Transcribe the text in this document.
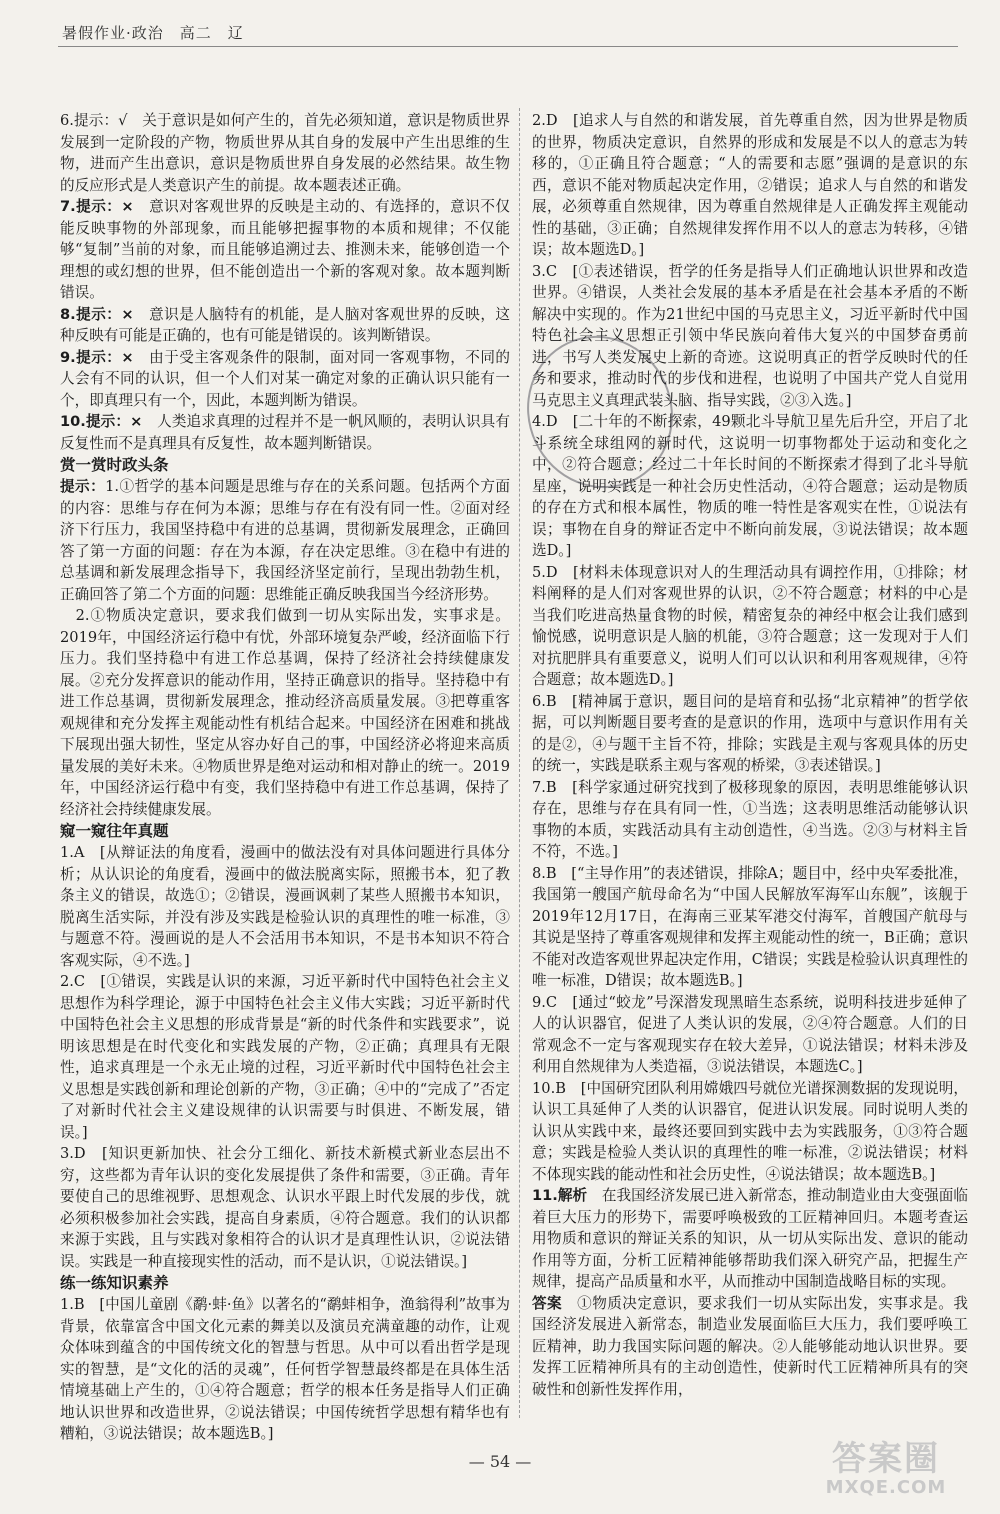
暑假作业·政治　高二　辽

6.提示：√　关于意识是如何产生的，首先必须知道，意识是物质世界发展到一定阶段的产物，物质世界从其自身的发展中产生出思维的生物，进而产生出意识，意识是物质世界自身发展的必然结果。故生物的反应形式是人类意识产生的前提。故本题表述正确。

7.提示：×　意识对客观世界的反映是主动的、有选择的，意识不仅能反映事物的外部现象，而且能够把握事物的本质和规律；不仅能够“复制”当前的对象，而且能够追溯过去、推测未来，能够创造一个理想的或幻想的世界，但不能创造出一个新的客观对象。故本题判断错误。

8.提示：×　意识是人脑特有的机能，是人脑对客观世界的反映，这种反映有可能是正确的，也有可能是错误的。该判断错误。

9.提示：×　由于受主客观条件的限制，面对同一客观事物，不同的人会有不同的认识，但一个人们对某一确定对象的正确认识只能有一个，即真理只有一个，因此，本题判断为错误。

10.提示：×　人类追求真理的过程并不是一帆风顺的，表明认识具有反复性而不是真理具有反复性，故本题判断错误。

赏一赏时政头条

提示：1.①哲学的基本问题是思维与存在的关系问题。包括两个方面的内容：思维与存在何为本源；思维与存在有没有同一性。②面对经济下行压力，我国坚持稳中有进的总基调，贯彻新发展理念，正确回答了第一方面的问题：存在为本源，存在决定思维。③在稳中有进的总基调和新发展理念指导下，我国经济坚定前行，呈现出勃勃生机，正确回答了第二个方面的问题：思维能正确反映我国当今经济形势。

　2.①物质决定意识，要求我们做到一切从实际出发，实事求是。2019年，中国经济运行稳中有忧，外部环境复杂严峻，经济面临下行压力。我们坚持稳中有进工作总基调，保持了经济社会持续健康发展。②充分发挥意识的能动作用，坚持正确意识的指导。坚持稳中有进工作总基调，贯彻新发展理念，推动经济高质量发展。③把尊重客观规律和充分发挥主观能动性有机结合起来。中国经济在困难和挑战下展现出强大韧性，坚定从容办好自己的事，中国经济必将迎来高质量发展的美好未来。④物质世界是绝对运动和相对静止的统一。2019年，中国经济运行稳中有变，我们坚持稳中有进工作总基调，保持了经济社会持续健康发展。

窥一窥往年真题

1.A　[从辩证法的角度看，漫画中的做法没有对具体问题进行具体分析；从认识论的角度看，漫画中的做法脱离实际，照搬书本，犯了教条主义的错误，故选①；②错误，漫画讽刺了某些人照搬书本知识，脱离生活实际，并没有涉及实践是检验认识的真理性的唯一标准，③与题意不符。漫画说的是人不会活用书本知识，不是书本知识不符合客观实际，④不选。]

2.C　[①错误，实践是认识的来源，习近平新时代中国特色社会主义思想作为科学理论，源于中国特色社会主义伟大实践；习近平新时代中国特色社会主义思想的形成背景是“新的时代条件和实践要求”，说明该思想是在时代变化和实践发展的产物，②正确；真理具有无限性，追求真理是一个永无止境的过程，习近平新时代中国特色社会主义思想是实践创新和理论创新的产物，③正确；④中的“完成了”否定了对新时代社会主义建设规律的认识需要与时俱进、不断发展，错误。]

3.D　[知识更新加快、社会分工细化、新技术新模式新业态层出不穷，这些都为青年认识的变化发展提供了条件和需要，③正确。青年要使自己的思维视野、思想观念、认识水平跟上时代发展的步伐，就必须积极参加社会实践，提高自身素质，④符合题意。我们的认识都来源于实践，且与实践对象相符合的认识才是真理性认识，②说法错误。实践是一种直接现实性的活动，而不是认识，①说法错误。]

练一练知识素养

1.B　[中国儿童剧《鹬·蚌·鱼》以著名的“鹬蚌相争，渔翁得利”故事为背景，依靠富含中国文化元素的舞美以及演员充满童趣的动作，让观众体味到蕴含的中国传统文化的智慧与哲思。从中可以看出哲学是现实的智慧，是“文化的活的灵魂”，任何哲学智慧最终都是在具体生活情境基础上产生的，①④符合题意；哲学的根本任务是指导人们正确地认识世界和改造世界，②说法错误；中国传统哲学思想有精华也有糟粕，③说法错误；故本题选B。]

2.D　[追求人与自然的和谐发展，首先尊重自然，因为世界是物质的世界，物质决定意识，自然界的形成和发展是不以人的意志为转移的，①正确且符合题意；“人的需要和志愿”强调的是意识的东西，意识不能对物质起决定作用，②错误；追求人与自然的和谐发展，必须尊重自然规律，因为尊重自然规律是人正确发挥主观能动性的基础，③正确；自然规律发挥作用不以人的意志为转移，④错误；故本题选D。]

3.C　[①表述错误，哲学的任务是指导人们正确地认识世界和改造世界。④错误，人类社会发展的基本矛盾是在社会基本矛盾的不断解决中实现的。作为21世纪中国的马克思主义，习近平新时代中国特色社会主义思想正引领中华民族向着伟大复兴的中国梦奋勇前进，书写人类发展史上新的奇迹。这说明真正的哲学反映时代的任务和要求，推动时代的步伐和进程，也说明了中国共产党人自觉用马克思主义真理武装头脑、指导实践，②③入选。]

4.D　[二十年的不断探索，49颗北斗导航卫星先后升空，开启了北斗系统全球组网的新时代，这说明一切事物都处于运动和变化之中，②符合题意；经过二十年长时间的不断探索才得到了北斗导航星座，说明实践是一种社会历史性活动，④符合题意；运动是物质的存在方式和根本属性，物质的唯一特性是客观实在性，①说法有误；事物在自身的辩证否定中不断向前发展，③说法错误；故本题选D。]

5.D　[材料未体现意识对人的生理活动具有调控作用，①排除；材料阐释的是人们对客观世界的认识，②不符合题意；材料的中心是当我们吃进高热量食物的时候，精密复杂的神经中枢会让我们感到愉悦感，说明意识是人脑的机能，③符合题意；这一发现对于人们对抗肥胖具有重要意义，说明人们可以认识和利用客观规律，④符合题意；故本题选D。]

6.B　[精神属于意识，题目问的是培育和弘扬“北京精神”的哲学依据，可以判断题目要考查的是意识的作用，选项中与意识作用有关的是②，④与题干主旨不符，排除；实践是主观与客观具体的历史的统一，实践是联系主观与客观的桥梁，③表述错误。]

7.B　[科学家通过研究找到了极移现象的原因，表明思维能够认识存在，思维与存在具有同一性，①当选；这表明思维活动能够认识事物的本质，实践活动具有主动创造性，④当选。②③与材料主旨不符，不选。]

8.B　[“主导作用”的表述错误，排除A；题目中，经中央军委批准，我国第一艘国产航母命名为“中国人民解放军海军山东舰”，该舰于2019年12月17日，在海南三亚某军港交付海军，首艘国产航母与其说是坚持了尊重客观规律和发挥主观能动性的统一，B正确；意识不能对改造客观世界起决定作用，C错误；实践是检验认识真理性的唯一标准，D错误；故本题选B。]

9.C　[通过“蛟龙”号深潜发现黑暗生态系统，说明科技进步延伸了人的认识器官，促进了人类认识的发展，②④符合题意。人们的日常观念不一定与客观现实存在较大差异，①说法错误；材料未涉及利用自然规律为人类造福，③说法错误，本题选C。]

10.B　[中国研究团队利用嫦娥四号就位光谱探测数据的发现说明，认识工具延伸了人类的认识器官，促进认识发展。同时说明人类的认识从实践中来，最终还要回到实践中去为实践服务，①③符合题意；实践是检验人类认识的真理性的唯一标准，②说法错误；材料不体现实践的能动性和社会历史性，④说法错误；故本题选B。]

11.解析　在我国经济发展已进入新常态，推动制造业由大变强面临着巨大压力的形势下，需要呼唤极致的工匠精神回归。本题考查运用物质和意识的辩证关系的知识，从一切从实际出发、意识的能动作用等方面，分析工匠精神能够帮助我们深入研究产品，把握生产规律，提高产品质量和水平，从而推动中国制造战略目标的实现。

答案　①物质决定意识，要求我们一切从实际出发，实事求是。我国经济发展进入新常态，制造业发展面临巨大压力，我们要呼唤工匠精神，助力我国实际问题的解决。②人能够能动地认识世界。要发挥工匠精神所具有的主动创造性，使新时代工匠精神所具有的突破性和创新性发挥作用，

— 54 —	答案圈
MXQE.COM
